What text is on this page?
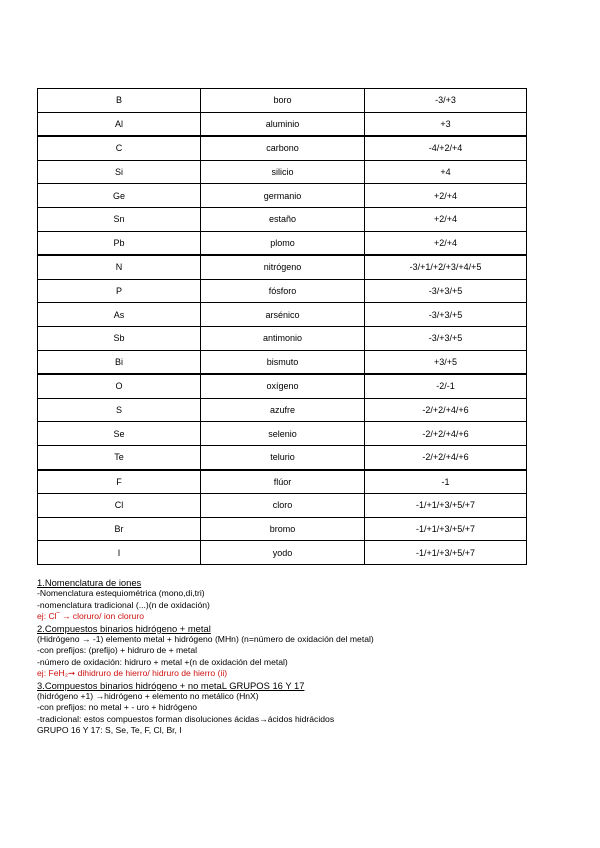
B	boro	-3/+3
Al	aluminio	+3
C	carbono	-4/+2/+4
Si	silicio	+4
Ge	germanio	+2/+4
Sn	estaño	+2/+4
Pb	plomo	+2/+4
N	nitrógeno	-3/+1/+2/+3/+4/+5
P	fósforo	-3/+3/+5
As	arsénico	-3/+3/+5
Sb	antimonio	-3/+3/+5
Bi	bismuto	+3/+5
O	oxígeno	-2/-1
S	azufre	-2/+2/+4/+6
Se	selenio	-2/+2/+4/+6
Te	telurio	-2/+2/+4/+6
F	flúor	-1
Cl	cloro	-1/+1/+3/+5/+7
Br	bromo	-1/+1/+3/+5/+7
I	yodo	-1/+1/+3/+5/+7
1.Nomenclatura de iones
-Nomenclatura estequiométrica (mono,di,tri)
-nomenclatura tradicional (...)(n de oxidación)
ej: Cl‾ → cloruro/ ion cloruro
2.Compuestos binarios hidrógeno + metal
(Hidrógeno → -1) elemento metal + hidrógeno (MHn) (n=número de oxidación del metal)
-con prefijos: (prefijo) + hidruro de + metal
-número de oxidación: hidruro + metal +(n de oxidación del metal)
ej: FeH₂➞ dihidruro de hierro/ hidruro de hierro (ii)
3.Compuestos binarios hidrógeno + no metaL GRUPOS 16 Y 17
(hidrógeno +1) →hidrógeno + elemento no metálico (HnX)
-con prefijos: no metal + - uro + hidrógeno
-tradicional: estos compuestos forman disoluciones ácidas→ácidos hidrácidos
GRUPO 16 Y 17: S, Se, Te, F, Cl, Br, I
